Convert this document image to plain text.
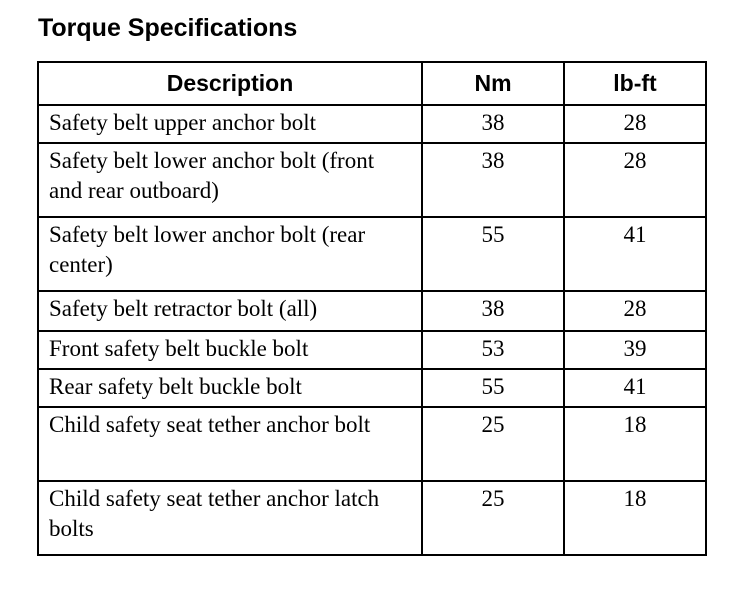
Torque Specifications
Description	Nm	lb-ft
Safety belt upper anchor bolt	38	28
Safety belt lower anchor bolt (front and rear outboard)	38	28
Safety belt lower anchor bolt (rear center)	55	41
Safety belt retractor bolt (all)	38	28
Front safety belt buckle bolt	53	39
Rear safety belt buckle bolt	55	41
Child safety seat tether anchor bolt	25	18
Child safety seat tether anchor latch bolts	25	18
